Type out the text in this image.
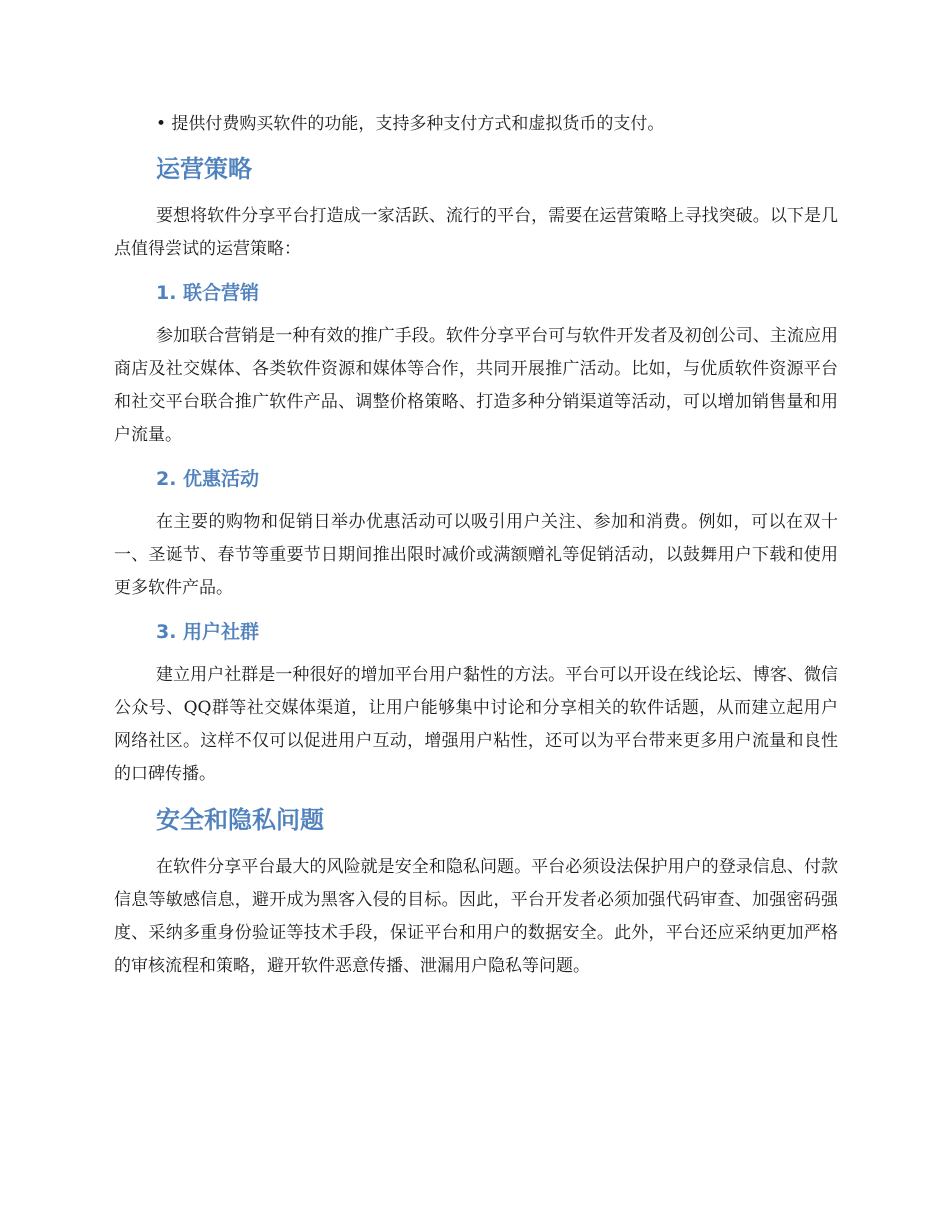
• 提供付费购买软件的功能，支持多种支付方式和虚拟货币的支付。

运营策略

要想将软件分享平台打造成一家活跃、流行的平台，需要在运营策略上寻找突破。以下是几点值得尝试的运营策略：

1. 联合营销

参加联合营销是一种有效的推广手段。软件分享平台可与软件开发者及初创公司、主流应用商店及社交媒体、各类软件资源和媒体等合作，共同开展推广活动。比如，与优质软件资源平台和社交平台联合推广软件产品、调整价格策略、打造多种分销渠道等活动，可以增加销售量和用户流量。

2. 优惠活动

在主要的购物和促销日举办优惠活动可以吸引用户关注、参加和消费。例如，可以在双十一、圣诞节、春节等重要节日期间推出限时减价或满额赠礼等促销活动，以鼓舞用户下载和使用更多软件产品。

3. 用户社群

建立用户社群是一种很好的增加平台用户黏性的方法。平台可以开设在线论坛、博客、微信公众号、QQ群等社交媒体渠道，让用户能够集中讨论和分享相关的软件话题，从而建立起用户网络社区。这样不仅可以促进用户互动，增强用户粘性，还可以为平台带来更多用户流量和良性的口碑传播。

安全和隐私问题

在软件分享平台最大的风险就是安全和隐私问题。平台必须设法保护用户的登录信息、付款信息等敏感信息，避开成为黑客入侵的目标。因此，平台开发者必须加强代码审查、加强密码强度、采纳多重身份验证等技术手段，保证平台和用户的数据安全。此外，平台还应采纳更加严格的审核流程和策略，避开软件恶意传播、泄漏用户隐私等问题。
